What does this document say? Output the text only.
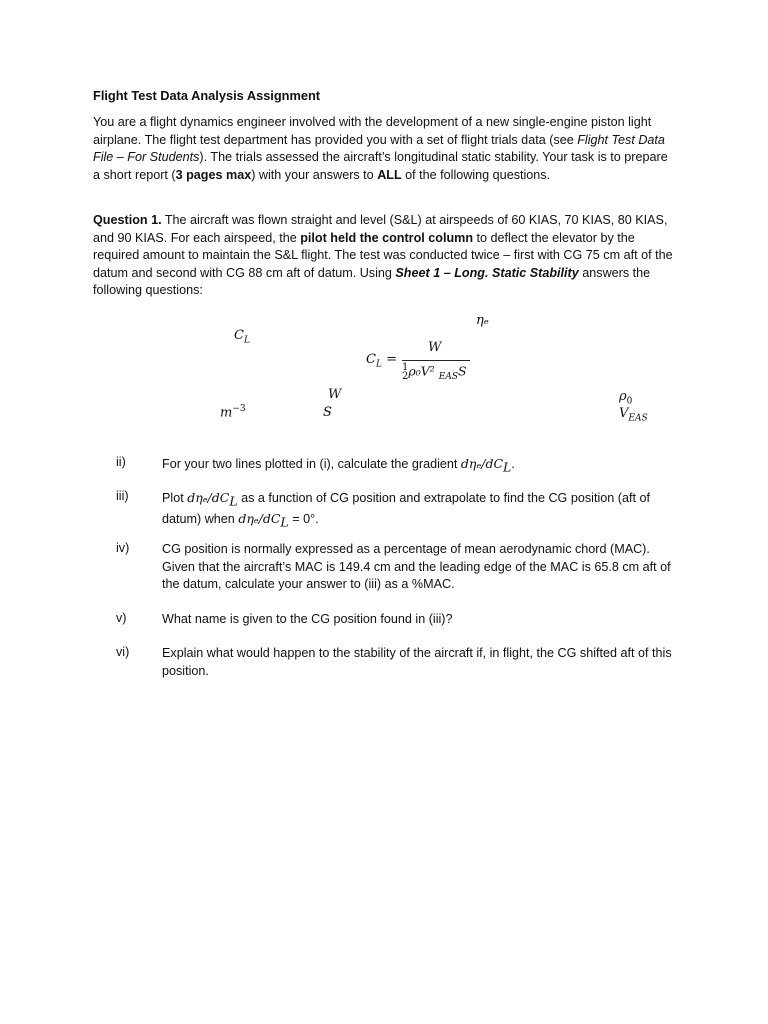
Flight Test Data Analysis Assignment
You are a flight dynamics engineer involved with the development of a new single-engine piston light airplane. The flight test department has provided you with a set of flight trials data (see Flight Test Data File – For Students). The trials assessed the aircraft’s longitudinal static stability. Your task is to prepare a short report (3 pages max) with your answers to ALL of the following questions.
Question 1. The aircraft was flown straight and level (S&L) at airspeeds of 60 KIAS, 70 KIAS, 80 KIAS, and 90 KIAS. For each airspeed, the pilot held the control column to deflect the elevator by the required amount to maintain the S&L flight. The test was conducted twice – first with CG 75 cm aft of the datum and second with CG 88 cm aft of datum. Using Sheet 1 – Long. Static Stability answers the following questions:
ηₑ
$C_L$
W
S
$m^{-3}$
$\rho_0$
$V_{EAS}$
$C_L$ =
W
1
2ρ₀V² $_{EAS}$S
ii)	For your two lines plotted in (i), calculate the gradient dηₑ/$dC_L$.
iii)	Plot dηₑ/$dC_L$ as a function of CG position and extrapolate to find the CG position (aft of datum) when dηₑ/$dC_L = 0^\circ$.
iv)	CG position is normally expressed as a percentage of mean aerodynamic chord (MAC). Given that the aircraft’s MAC is 149.4 cm and the leading edge of the MAC is 65.8 cm aft of the datum, calculate your answer to (iii) as a %MAC.
v)	What name is given to the CG position found in (iii)?
vi)	Explain what would happen to the stability of the aircraft if, in flight, the CG shifted aft of this position.
